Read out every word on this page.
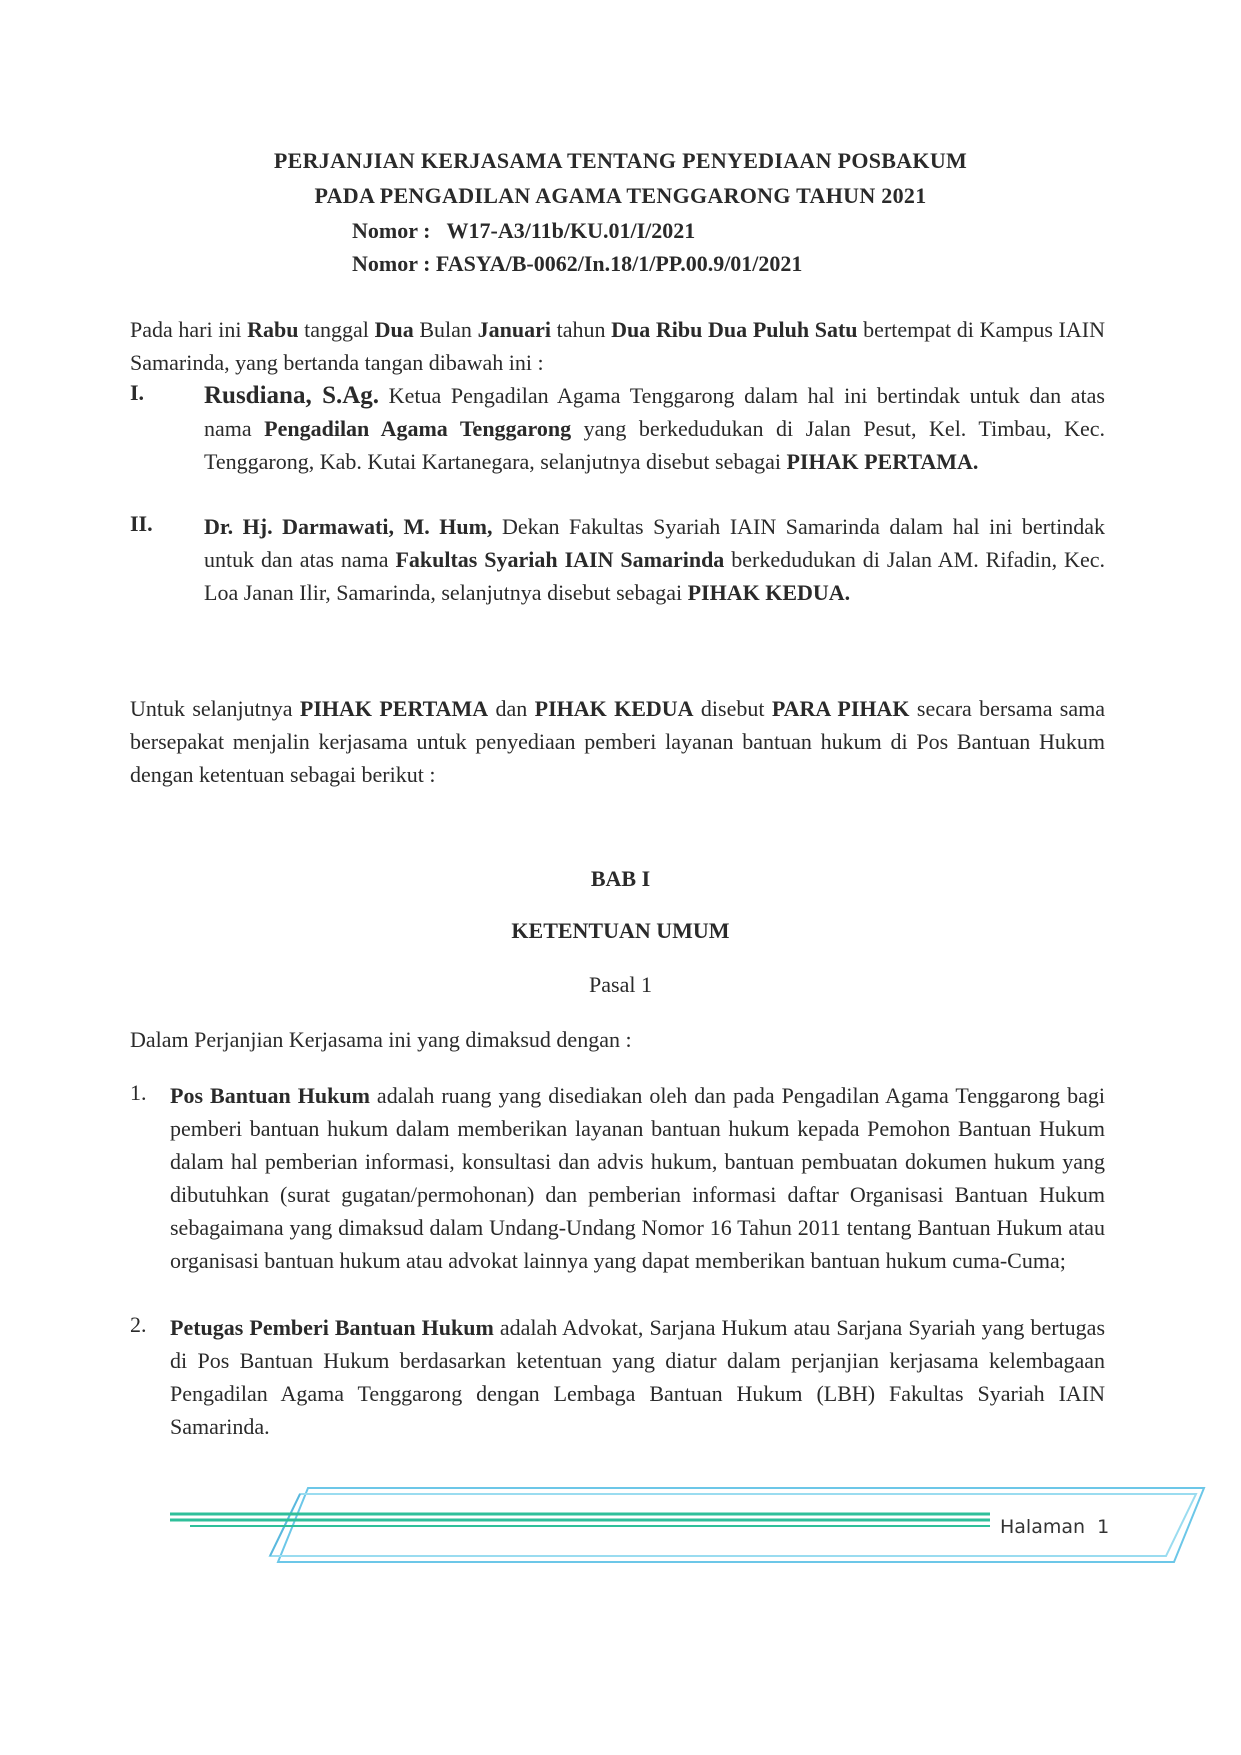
PERJANJIAN KERJASAMA TENTANG PENYEDIAAN POSBAKUM
PADA PENGADILAN AGAMA TENGGARONG TAHUN 2021
Nomor : W17-A3/11b/KU.01/I/2021
Nomor : FASYA/B-0062/In.18/1/PP.00.9/01/2021
Pada hari ini Rabu tanggal Dua Bulan Januari tahun Dua Ribu Dua Puluh Satu bertempat di Kampus IAIN Samarinda, yang bertanda tangan dibawah ini :
I. Rusdiana, S.Ag. Ketua Pengadilan Agama Tenggarong dalam hal ini bertindak untuk dan atas nama Pengadilan Agama Tenggarong yang berkedudukan di Jalan Pesut, Kel. Timbau, Kec. Tenggarong, Kab. Kutai Kartanegara, selanjutnya disebut sebagai PIHAK PERTAMA.
II. Dr. Hj. Darmawati, M. Hum, Dekan Fakultas Syariah IAIN Samarinda dalam hal ini bertindak untuk dan atas nama Fakultas Syariah IAIN Samarinda berkedudukan di Jalan AM. Rifadin, Kec. Loa Janan Ilir, Samarinda, selanjutnya disebut sebagai PIHAK KEDUA.
Untuk selanjutnya PIHAK PERTAMA dan PIHAK KEDUA disebut PARA PIHAK secara bersama sama bersepakat menjalin kerjasama untuk penyediaan pemberi layanan bantuan hukum di Pos Bantuan Hukum dengan ketentuan sebagai berikut :
BAB I
KETENTUAN UMUM
Pasal 1
Dalam Perjanjian Kerjasama ini yang dimaksud dengan :
1. Pos Bantuan Hukum adalah ruang yang disediakan oleh dan pada Pengadilan Agama Tenggarong bagi pemberi bantuan hukum dalam memberikan layanan bantuan hukum kepada Pemohon Bantuan Hukum dalam hal pemberian informasi, konsultasi dan advis hukum, bantuan pembuatan dokumen hukum yang dibutuhkan (surat gugatan/permohonan) dan pemberian informasi daftar Organisasi Bantuan Hukum sebagaimana yang dimaksud dalam Undang-Undang Nomor 16 Tahun 2011 tentang Bantuan Hukum atau organisasi bantuan hukum atau advokat lainnya yang dapat memberikan bantuan hukum cuma-Cuma;
2. Petugas Pemberi Bantuan Hukum adalah Advokat, Sarjana Hukum atau Sarjana Syariah yang bertugas di Pos Bantuan Hukum berdasarkan ketentuan yang diatur dalam perjanjian kerjasama kelembagaan Pengadilan Agama Tenggarong dengan Lembaga Bantuan Hukum (LBH) Fakultas Syariah IAIN Samarinda.
Halaman 1
